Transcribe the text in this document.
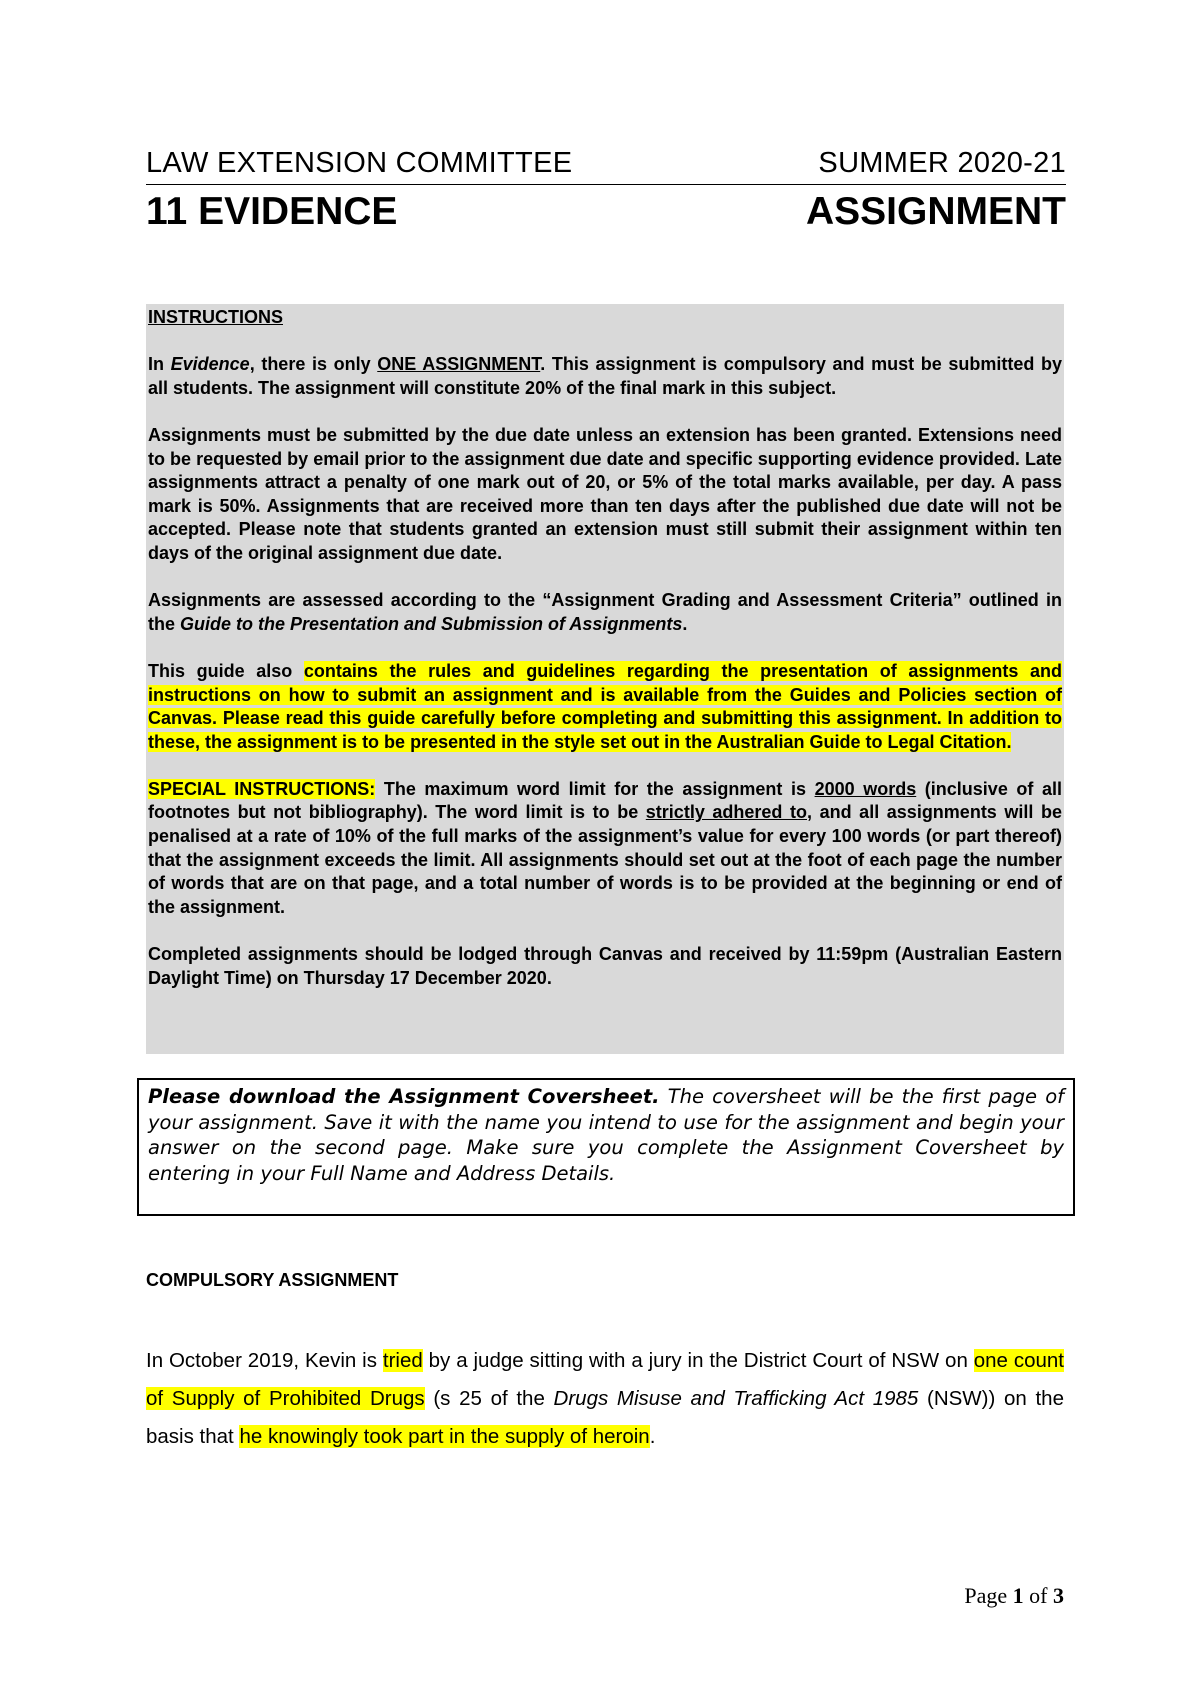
LAW EXTENSION COMMITTEE	SUMMER 2020-21
11 EVIDENCE	ASSIGNMENT

INSTRUCTIONS

In Evidence, there is only ONE ASSIGNMENT. This assignment is compulsory and must be submitted by all students. The assignment will constitute 20% of the final mark in this subject.

Assignments must be submitted by the due date unless an extension has been granted. Extensions need to be requested by email prior to the assignment due date and specific supporting evidence provided. Late assignments attract a penalty of one mark out of 20, or 5% of the total marks available, per day. A pass mark is 50%. Assignments that are received more than ten days after the published due date will not be accepted. Please note that students granted an extension must still submit their assignment within ten days of the original assignment due date.

Assignments are assessed according to the “Assignment Grading and Assessment Criteria” outlined in the Guide to the Presentation and Submission of Assignments.

This guide also contains the rules and guidelines regarding the presentation of assignments and instructions on how to submit an assignment and is available from the Guides and Policies section of Canvas. Please read this guide carefully before completing and submitting this assignment. In addition to these, the assignment is to be presented in the style set out in the Australian Guide to Legal Citation.

SPECIAL INSTRUCTIONS: The maximum word limit for the assignment is 2000 words (inclusive of all footnotes but not bibliography). The word limit is to be strictly adhered to, and all assignments will be penalised at a rate of 10% of the full marks of the assignment’s value for every 100 words (or part thereof) that the assignment exceeds the limit. All assignments should set out at the foot of each page the number of words that are on that page, and a total number of words is to be provided at the beginning or end of the assignment.

Completed assignments should be lodged through Canvas and received by 11:59pm (Australian Eastern Daylight Time) on Thursday 17 December 2020.

Please download the Assignment Coversheet. The coversheet will be the first page of your assignment. Save it with the name you intend to use for the assignment and begin your answer on the second page. Make sure you complete the Assignment Coversheet by entering in your Full Name and Address Details.
COMPULSORY ASSIGNMENT
In October 2019, Kevin is tried by a judge sitting with a jury in the District Court of NSW on one count of Supply of Prohibited Drugs (s 25 of the Drugs Misuse and Trafficking Act 1985 (NSW)) on the basis that he knowingly took part in the supply of heroin.
Page 1 of 3
